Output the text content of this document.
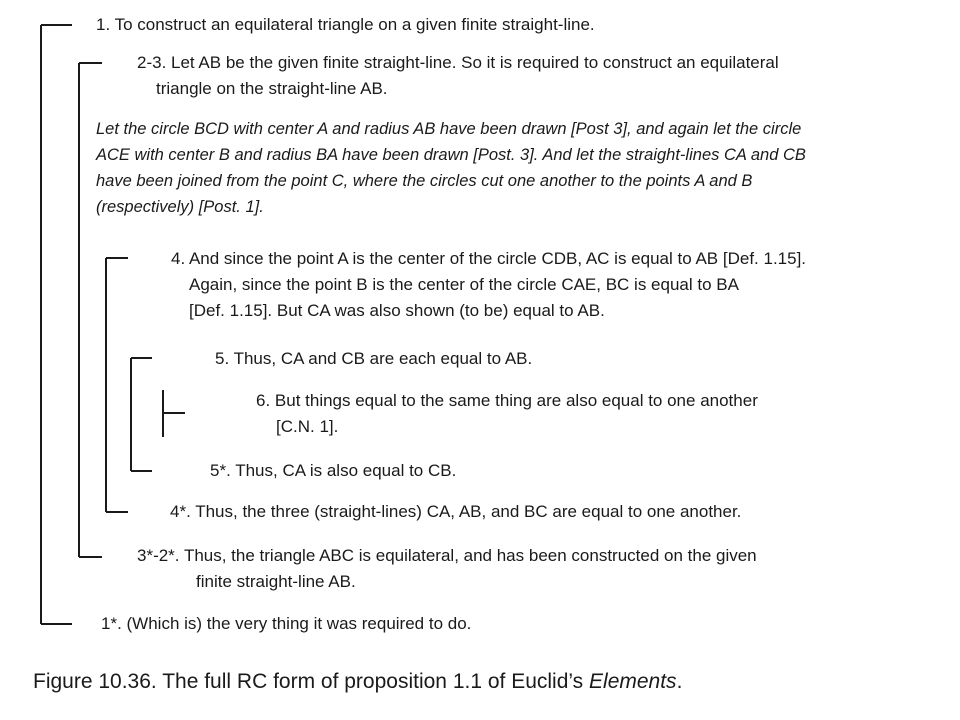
1. To construct an equilateral triangle on a given finite straight-line.

2-3. Let AB be the given finite straight-line. So it is required to construct an equilateral

triangle on the straight-line AB.

Let the circle BCD with center A and radius AB have been drawn [Post 3], and again let the circle

ACE with center B and radius BA have been drawn [Post. 3]. And let the straight-lines CA and CB

have been joined from the point C, where the circles cut one another to the points A and B

(respectively) [Post. 1].

4. And since the point A is the center of the circle CDB, AC is equal to AB [Def. 1.15].

Again, since the point B is the center of the circle CAE, BC is equal to BA

[Def. 1.15]. But CA was also shown (to be) equal to AB.

5. Thus, CA and CB are each equal to AB.

6. But things equal to the same thing are also equal to one another

[C.N. 1].

5*. Thus, CA is also equal to CB.

4*. Thus, the three (straight-lines) CA, AB, and BC are equal to one another.

3*-2*. Thus, the triangle ABC is equilateral, and has been constructed on the given

finite straight-line AB.

1*. (Which is) the very thing it was required to do.

Figure 10.36. The full RC form of proposition 1.1 of Euclid’s Elements.
